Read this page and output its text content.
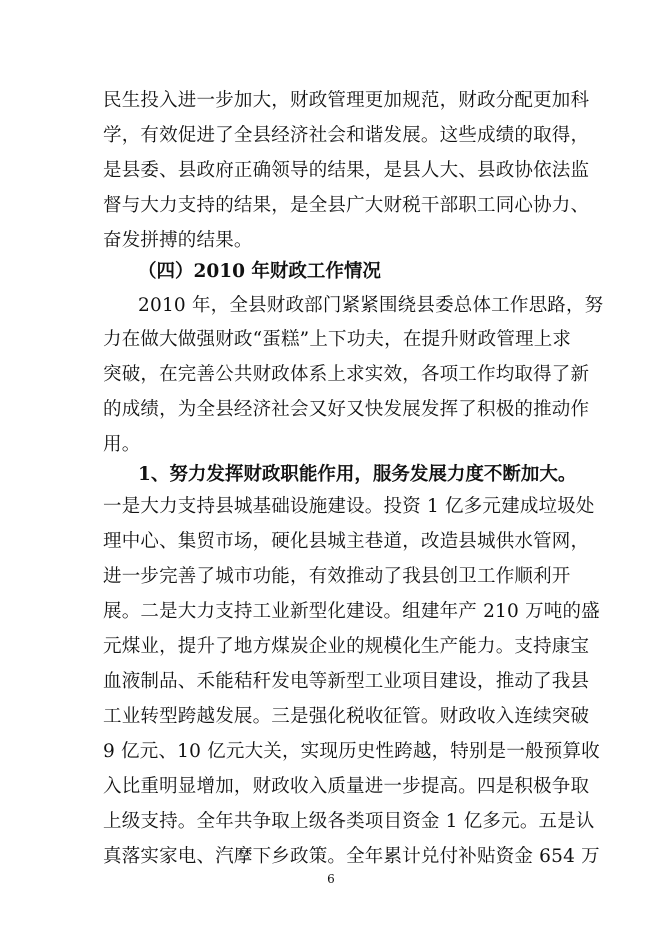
民生投入进一步加大，财政管理更加规范，财政分配更加科
学，有效促进了全县经济社会和谐发展。这些成绩的取得，
是县委、县政府正确领导的结果，是县人大、县政协依法监
督与大力支持的结果，是全县广大财税干部职工同心协力、
奋发拼搏的结果。
（四）2010 年财政工作情况
2010 年，全县财政部门紧紧围绕县委总体工作思路，努
力在做大做强财政“蛋糕”上下功夫，在提升财政管理上求
突破，在完善公共财政体系上求实效，各项工作均取得了新
的成绩，为全县经济社会又好又快发展发挥了积极的推动作
用。
1、努力发挥财政职能作用，服务发展力度不断加大。
一是大力支持县城基础设施建设。投资 1 亿多元建成垃圾处
理中心、集贸市场，硬化县城主巷道，改造县城供水管网，
进一步完善了城市功能，有效推动了我县创卫工作顺利开
展。二是大力支持工业新型化建设。组建年产 210 万吨的盛
元煤业，提升了地方煤炭企业的规模化生产能力。支持康宝
血液制品、禾能秸秆发电等新型工业项目建设，推动了我县
工业转型跨越发展。三是强化税收征管。财政收入连续突破
9 亿元、10 亿元大关，实现历史性跨越，特别是一般预算收
入比重明显增加，财政收入质量进一步提高。四是积极争取
上级支持。全年共争取上级各类项目资金 1 亿多元。五是认
真落实家电、汽摩下乡政策。全年累计兑付补贴资金 654 万
6
